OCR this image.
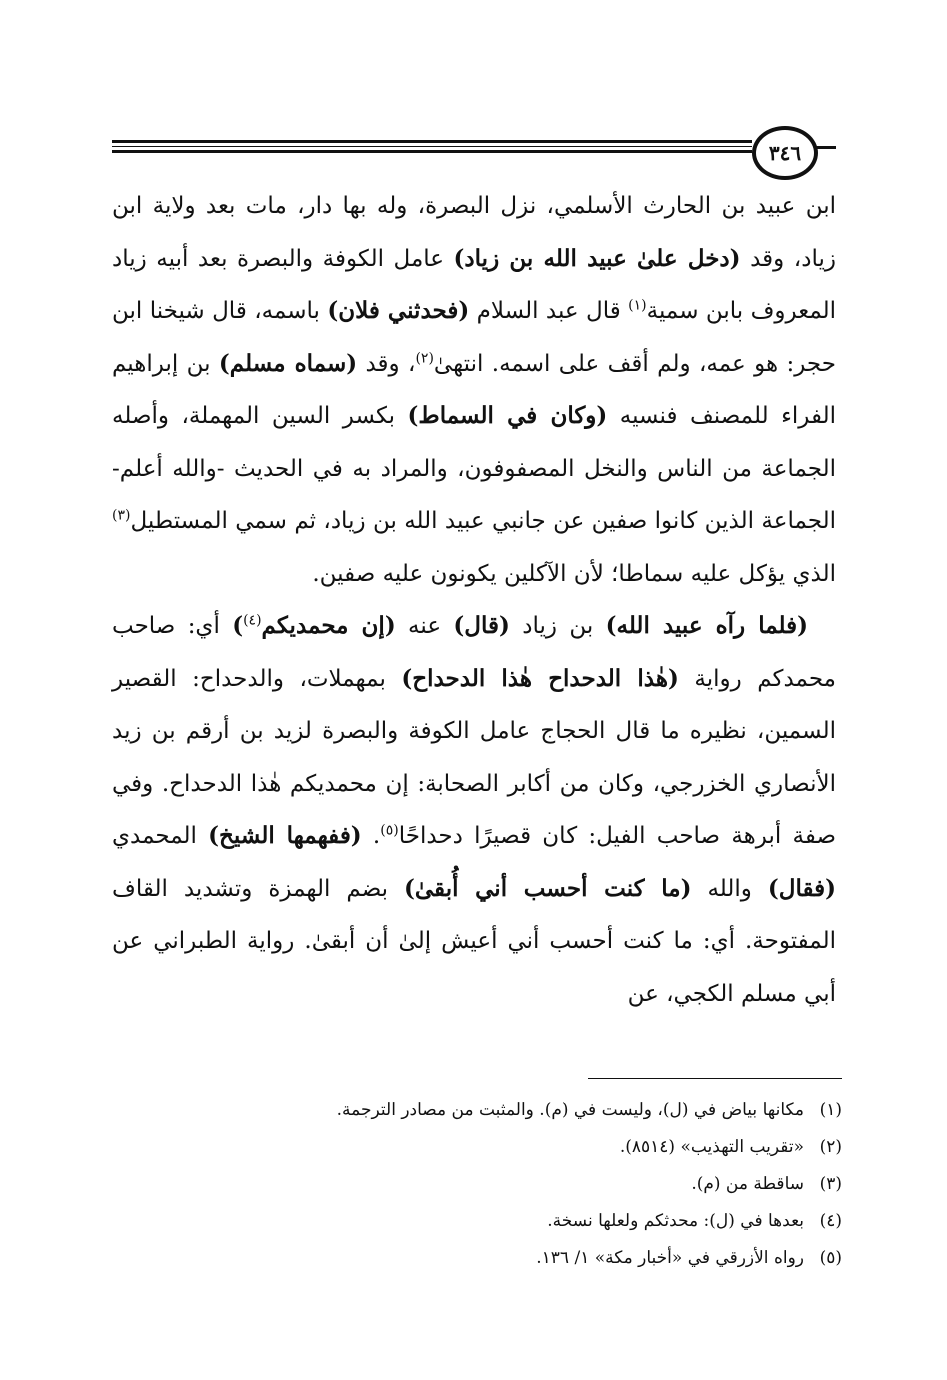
٣٤٦

ابن عبيد بن الحارث الأسلمي، نزل البصرة، وله بها دار، مات بعد ولاية ابن زياد، وقد (دخل علىٰ عبيد الله بن زياد) عامل الكوفة والبصرة بعد أبيه زياد المعروف بابن سمية$^{(١)}$ قال عبد السلام (فحدثني فلان) باسمه، قال شيخنا ابن حجر: هو عمه، ولم أقف على اسمه. انتهىٰ$^{(٢)}$، وقد (سماه مسلم) بن إبراهيم الفراء للمصنف فنسيه (وكان في السماط) بكسر السين المهملة، وأصله الجماعة من الناس والنخل المصفوفون، والمراد به في الحديث -والله أعلم- الجماعة الذين كانوا صفين عن جانبي عبيد الله بن زياد، ثم سمي المستطيل$^{(٣)}$ الذي يؤكل عليه سماطا؛ لأن الآكلين يكونون عليه صفين.

(فلما رآه عبيد الله) بن زياد (قال) عنه (إن محمديكم$^{(٤)}$) أي: صاحب محمدكم رواية (هٰذا الدحداح هٰذا الدحداح) بمهملات، والدحداح: القصير السمين، نظيره ما قال الحجاج عامل الكوفة والبصرة لزيد بن أرقم بن زيد الأنصاري الخزرجي، وكان من أكابر الصحابة: إن محمديكم هٰذا الدحداح. وفي صفة أبرهة صاحب الفيل: كان قصيرًا دحداحًا$^{(٥)}$. (ففهمها الشيخ) المحمدي (فقال) والله (ما كنت أحسب أني أُبقىٰ) بضم الهمزة وتشديد القاف المفتوحة. أي: ما كنت أحسب أني أعيش إلىٰ أن أبقىٰ. رواية الطبراني عن أبي مسلم الكجي، عن

(١)
مكانها بياض في (ل)، وليست في (م). والمثبت من مصادر الترجمة.
(٢)
«تقريب التهذيب» (٨٥١٤).
(٣)
ساقطة من (م).
(٤)
بعدها في (ل): محدثكم ولعلها نسخة.
(٥)
رواه الأزرقي في «أخبار مكة» ١/ ١٣٦.
